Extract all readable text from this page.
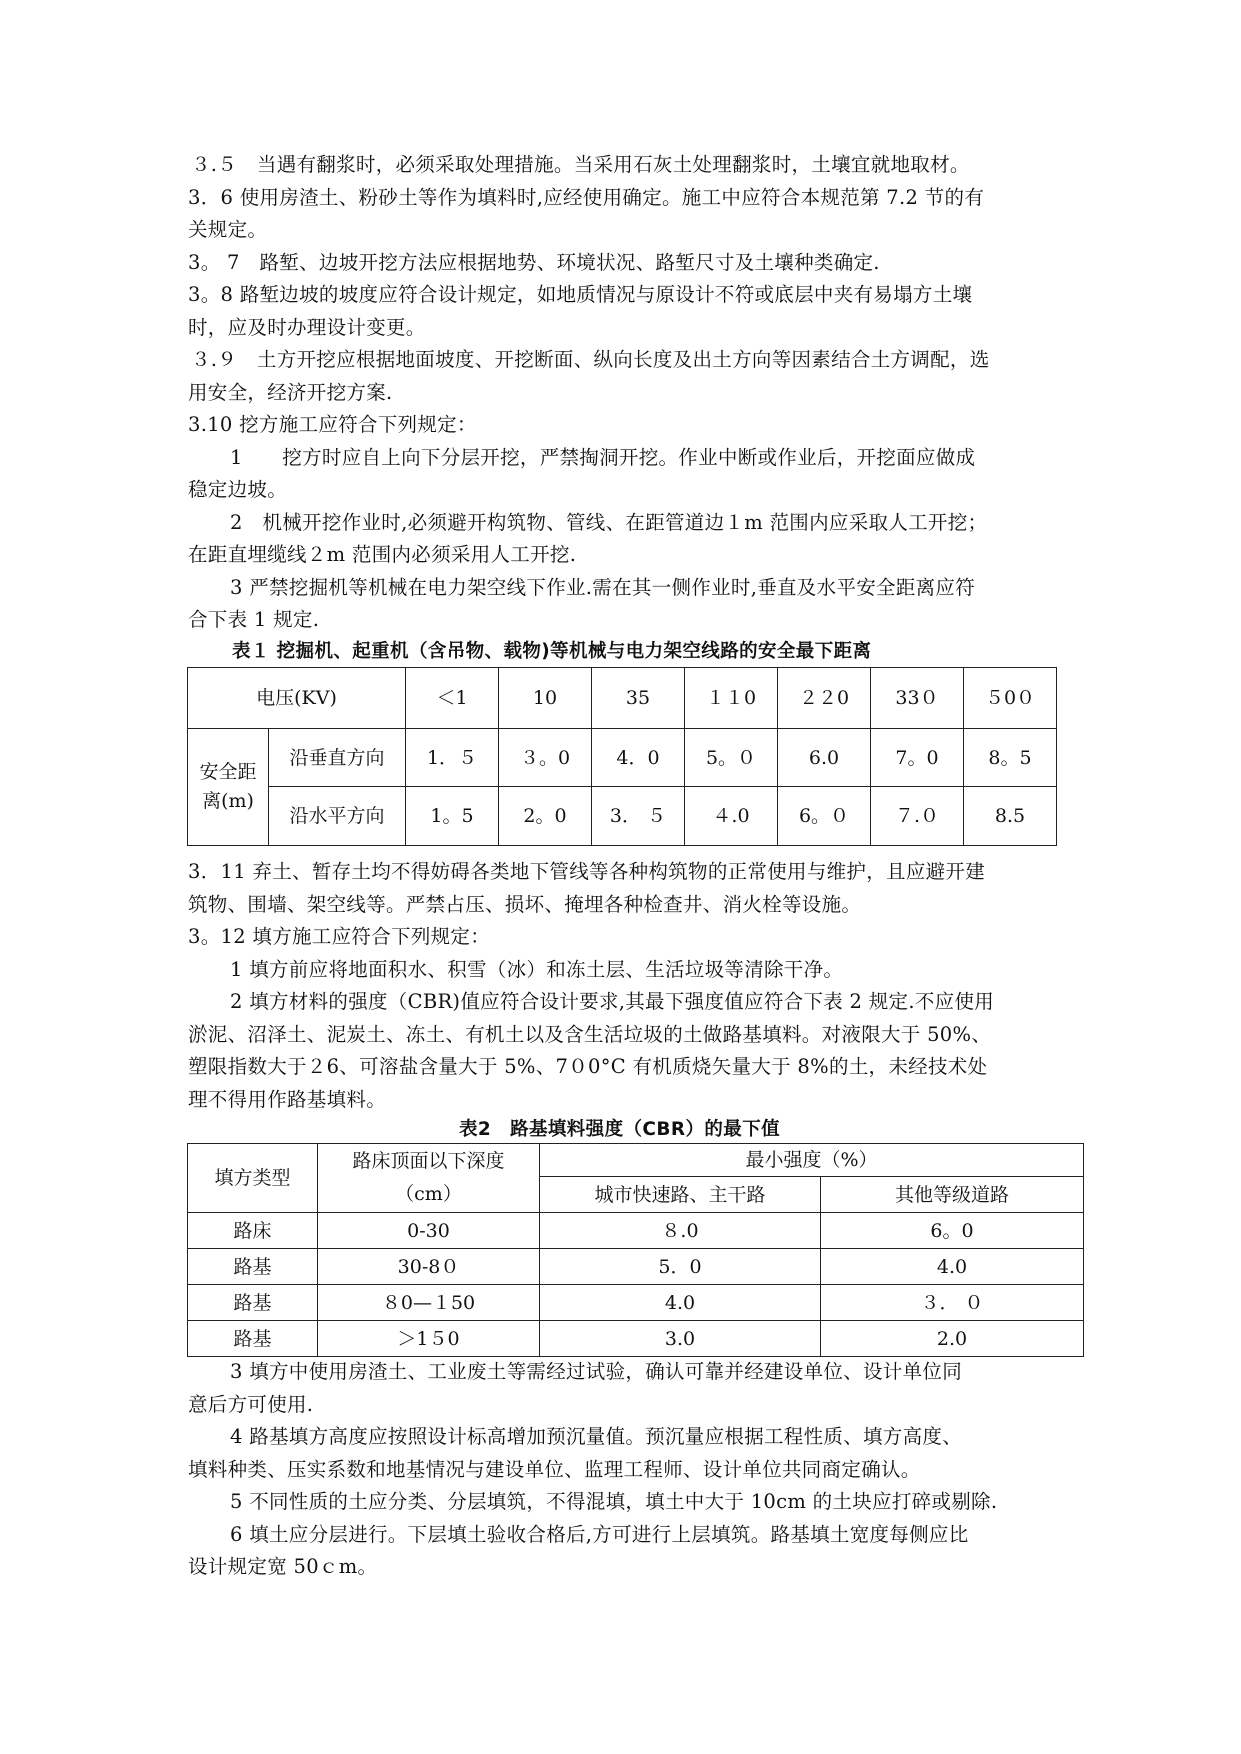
３.５　当遇有翻浆时，必须采取处理措施。当采用石灰土处理翻浆时，土壤宜就地取材。
3．6 使用房渣土、粉砂土等作为填料时,应经使用确定。施工中应符合本规范第 7.2 节的有
关规定。
3。 7　路堑、边坡开挖方法应根据地势、环境状况、路堑尺寸及土壤种类确定.
3。8 路堑边坡的坡度应符合设计规定，如地质情况与原设计不符或底层中夹有易塌方土壤
时，应及时办理设计变更。
３.９　土方开挖应根据地面坡度、开挖断面、纵向长度及出土方向等因素结合土方调配，选
用安全，经济开挖方案.
3.10 挖方施工应符合下列规定：
1　　挖方时应自上向下分层开挖，严禁掏洞开挖。作业中断或作业后，开挖面应做成
稳定边坡。
2　机械开挖作业时,必须避开构筑物、管线、在距管道边１m 范围内应采取人工开挖；
在距直埋缆线２m 范围内必须采用人工开挖.
3 严禁挖掘机等机械在电力架空线下作业.需在其一侧作业时,垂直及水平安全距离应符
合下表 1 规定.
表１ 挖掘机、起重机（含吊物、载物)等机械与电力架空线路的安全最下距离
电压(KV)		＜1	10	35	１１0	２２0	33０	５0０
安全距离(m)	沿垂直方向	1．５	３。0	4．0	5。０	6.0	7。0	8。5
	沿水平方向	1。5	2。0	3． ５	４.0	6。０	７.０	8.5
3．11 弃土、暂存土均不得妨碍各类地下管线等各种构筑物的正常使用与维护，且应避开建
筑物、围墙、架空线等。严禁占压、损坏、掩埋各种检查井、消火栓等设施。
3。12 填方施工应符合下列规定：
1 填方前应将地面积水、积雪（冰）和冻土层、生活垃圾等清除干净。
2 填方材料的强度（CBR)值应符合设计要求,其最下强度值应符合下表 2 规定.不应使用
淤泥、沼泽土、泥炭土、冻土、有机土以及含生活垃圾的土做路基填料。对液限大于 50%、
塑限指数大于２6、可溶盐含量大于 5%、7０0°C 有机质烧矢量大于 8%的土，未经技术处
理不得用作路基填料。
表2　路基填料强度（CBR）的最下值
填方类型	路床顶面以下深度（cm）	最小强度（%）	
		城市快速路、主干路	其他等级道路
路床	0-30	８.0	6。0
路基	30-8０	5．0	4.0
路基	８0—１50	4.0	３． ０
路基	＞1５0	3.0	2.0
3 填方中使用房渣土、工业废土等需经过试验，确认可靠并经建设单位、设计单位同
意后方可使用.
4 路基填方高度应按照设计标高增加预沉量值。预沉量应根据工程性质、填方高度、
填料种类、压实系数和地基情况与建设单位、监理工程师、设计单位共同商定确认。
5 不同性质的土应分类、分层填筑，不得混填，填土中大于 10cm 的土块应打碎或剔除.
6 填土应分层进行。下层填土验收合格后,方可进行上层填筑。路基填土宽度每侧应比
设计规定宽 50ｃm。
